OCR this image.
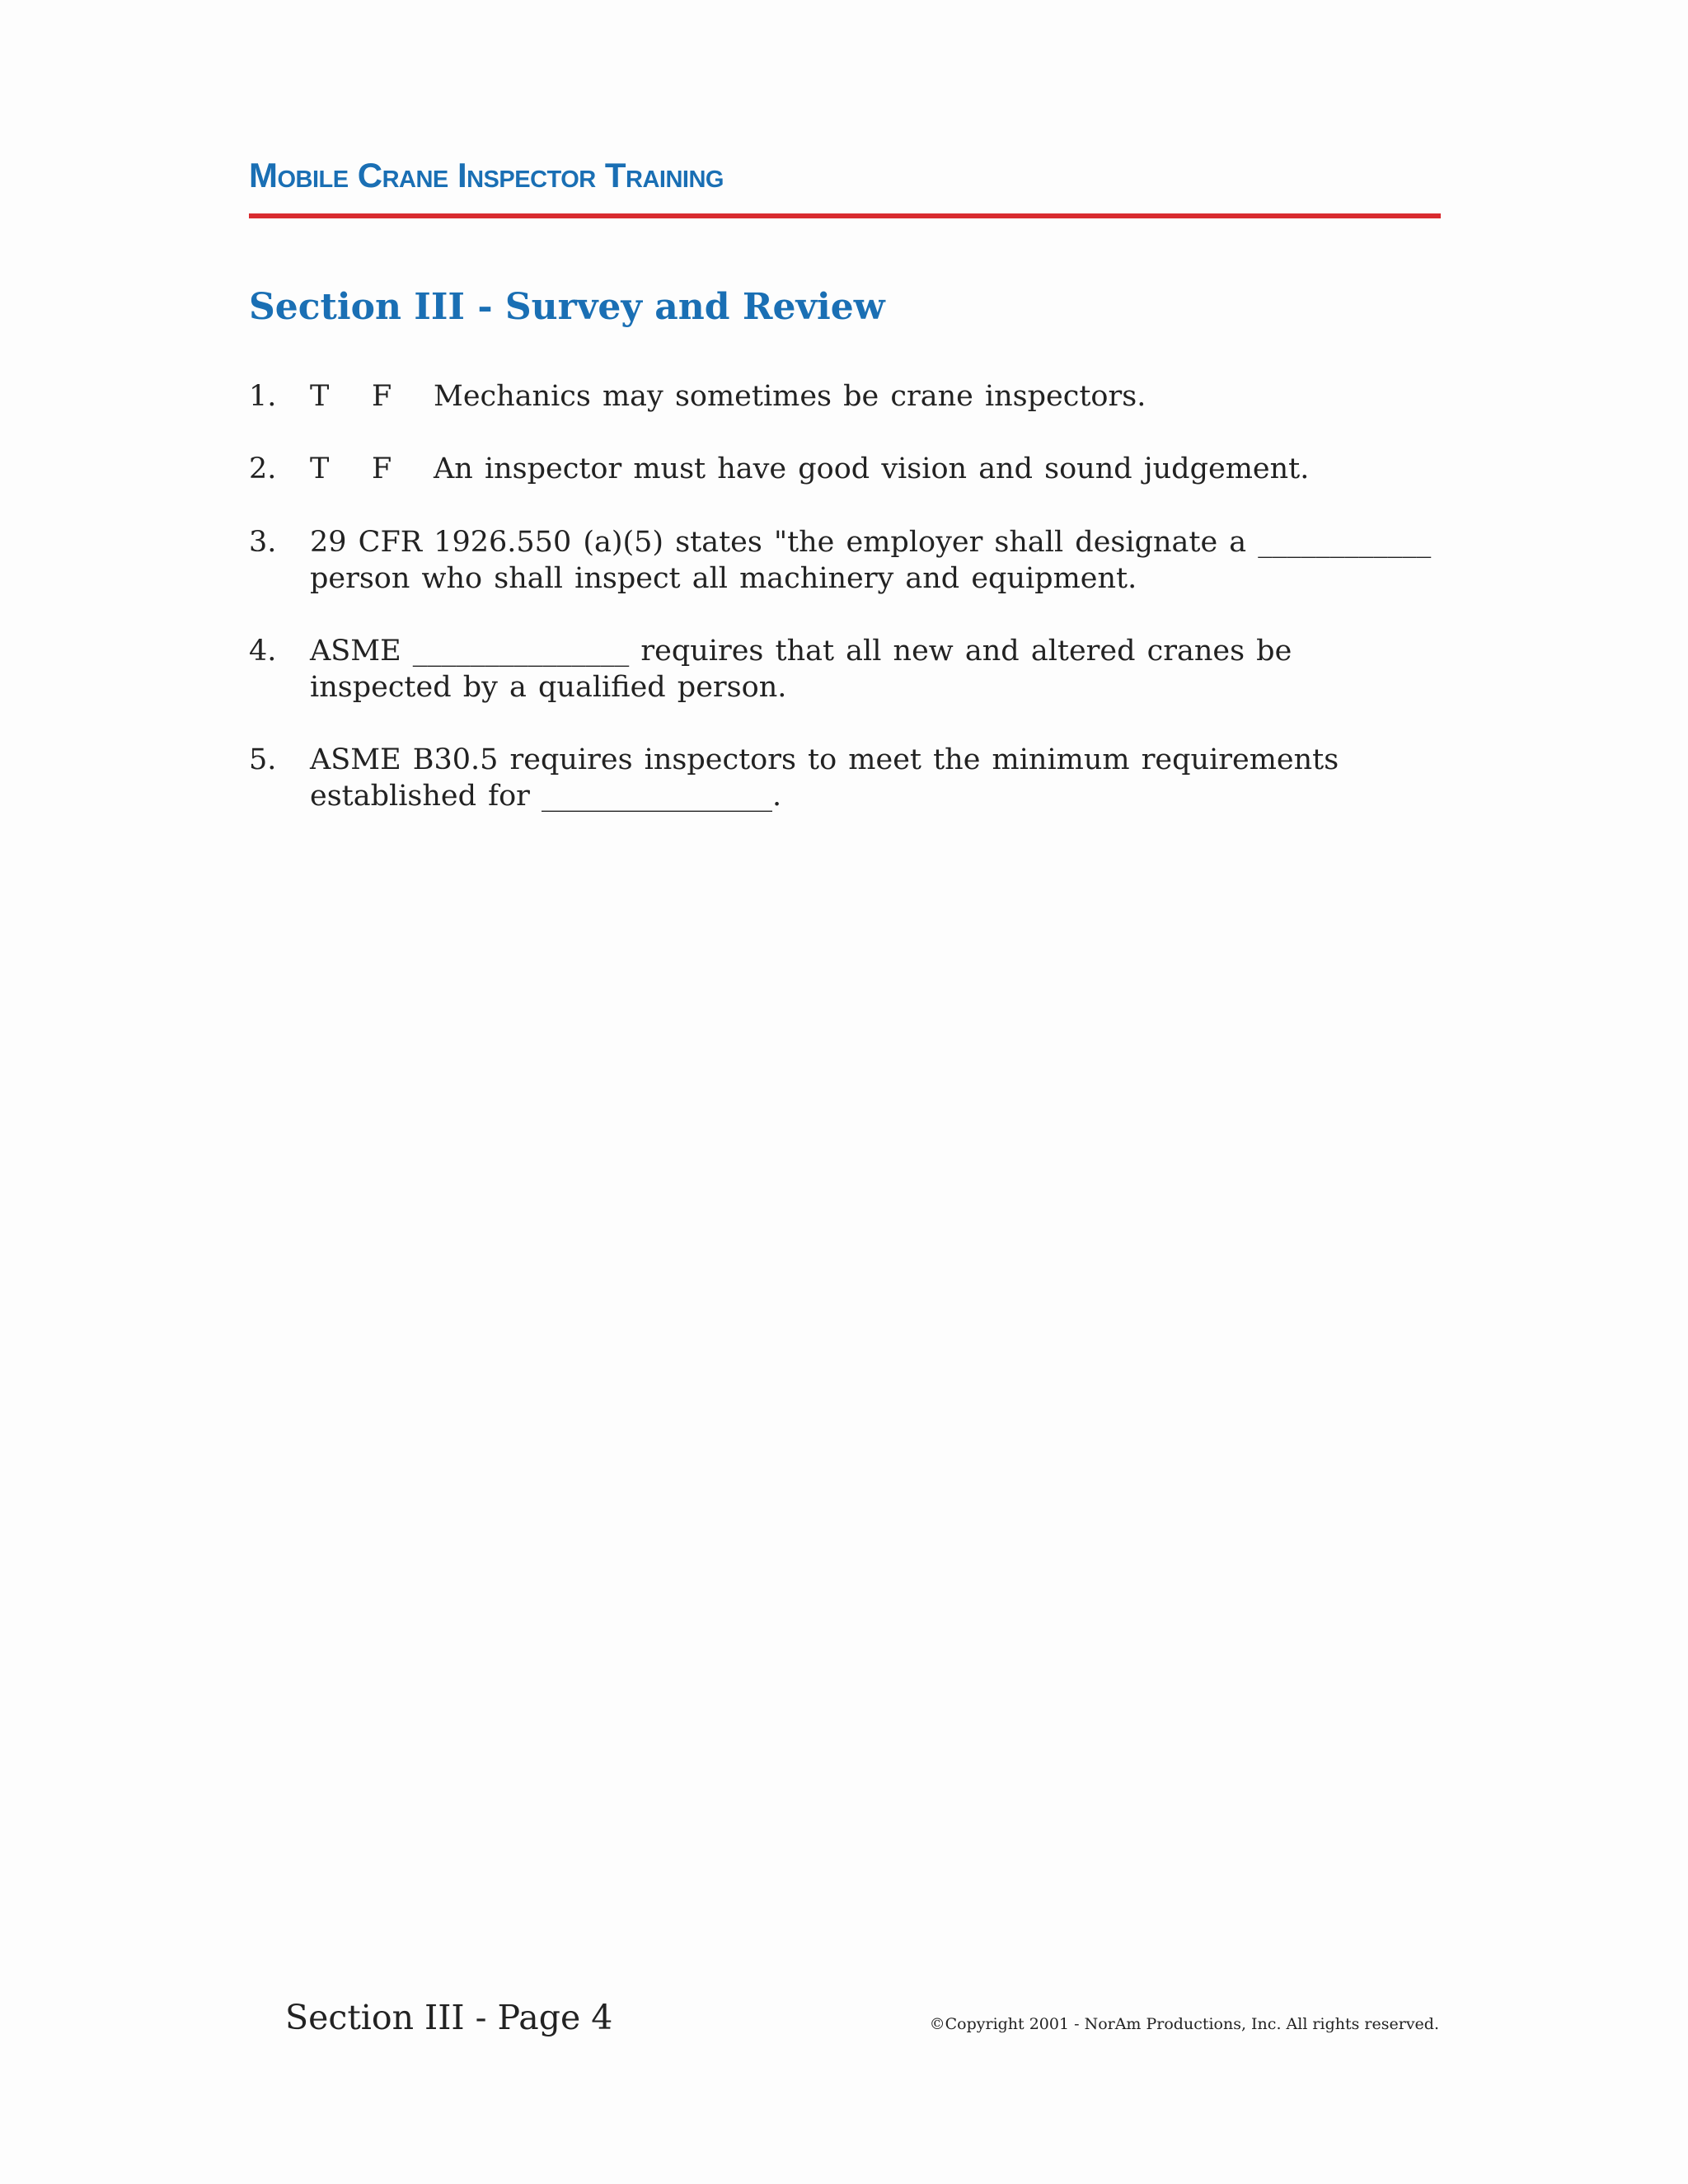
Mobile Crane Inspector Training
Section III - Survey and Review
1. T F Mechanics may sometimes be crane inspectors.
2. T F An inspector must have good vision and sound judgement.
3. 29 CFR 1926.550 (a)(5) states "the employer shall designate a ____________
person who shall inspect all machinery and equipment.
4. ASME _______________ requires that all new and altered cranes be
inspected by a qualified person.
5. ASME B30.5 requires inspectors to meet the minimum requirements
established for ________________.
Section III - Page 4	©Copyright 2001 - NorAm Productions, Inc. All rights reserved.
